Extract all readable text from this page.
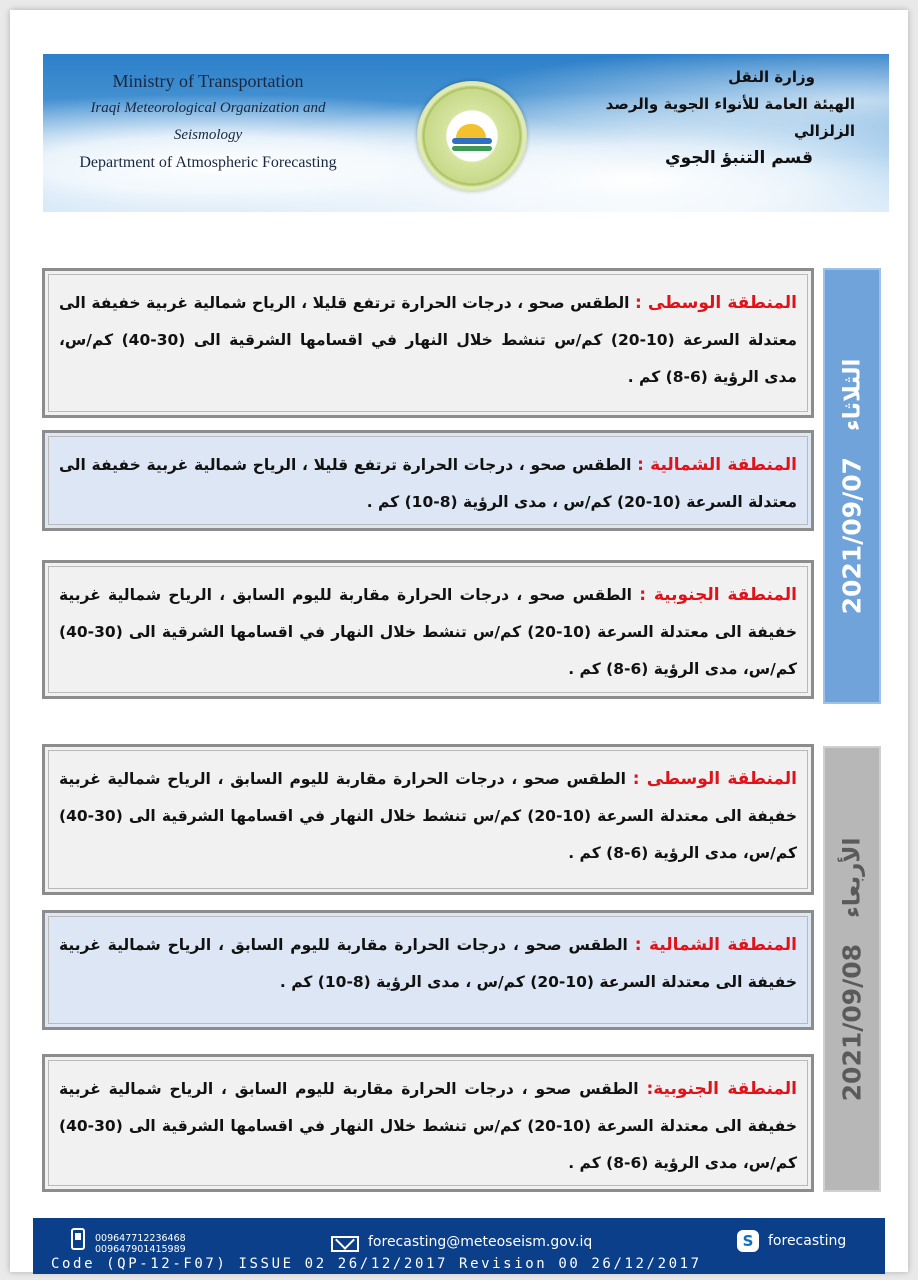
Ministry of Transportation
Iraqi Meteorological Organization and Seismology
Department of Atmospheric Forecasting
وزارة النقل
الهيئة العامة للأنواء الجوية والرصد الزلزالي
قسم التنبؤ الجوي
2021/09/07
الثلاثاء

المنطقة الوسطى : الطقس صحو ، درجات الحرارة ترتفع قليلا ، الرياح شمالية غربية خفيفة الى معتدلة السرعة (10-20) كم/س تنشط خلال النهار في اقسامها الشرقية الى (30-40) كم/س، مدى الرؤية (6-8) كم .

المنطقة الشمالية : الطقس صحو ، درجات الحرارة ترتفع قليلا ، الرياح شمالية غربية خفيفة الى معتدلة السرعة (10-20) كم/س ، مدى الرؤية (8-10) كم .

المنطقة الجنوبية : الطقس صحو ، درجات الحرارة مقاربة لليوم السابق ، الرياح شمالية غربية خفيفة الى معتدلة السرعة (10-20) كم/س تنشط خلال النهار في اقسامها الشرقية الى (30-40) كم/س، مدى الرؤية (6-8) كم .

2021/09/08
الأربعاء

المنطقة الوسطى : الطقس صحو ، درجات الحرارة مقاربة لليوم السابق ، الرياح شمالية غربية خفيفة الى معتدلة السرعة (10-20) كم/س تنشط خلال النهار في اقسامها الشرقية الى (30-40) كم/س، مدى الرؤية (6-8) كم .

المنطقة الشمالية : الطقس صحو ، درجات الحرارة مقاربة لليوم السابق ، الرياح شمالية غربية خفيفة الى معتدلة السرعة (10-20) كم/س ، مدى الرؤية (8-10) كم .

المنطقة الجنوبية: الطقس صحو ، درجات الحرارة مقاربة لليوم السابق ، الرياح شمالية غربية خفيفة الى معتدلة السرعة (10-20) كم/س تنشط خلال النهار في اقسامها الشرقية الى (30-40) كم/س، مدى الرؤية (6-8) كم .

009647712236468
009647901415989	forecasting@meteoseism.gov.iq	S	forecasting
Code (QP-12-F07) ISSUE 02 26/12/2017 Revision 00 26/12/2017
